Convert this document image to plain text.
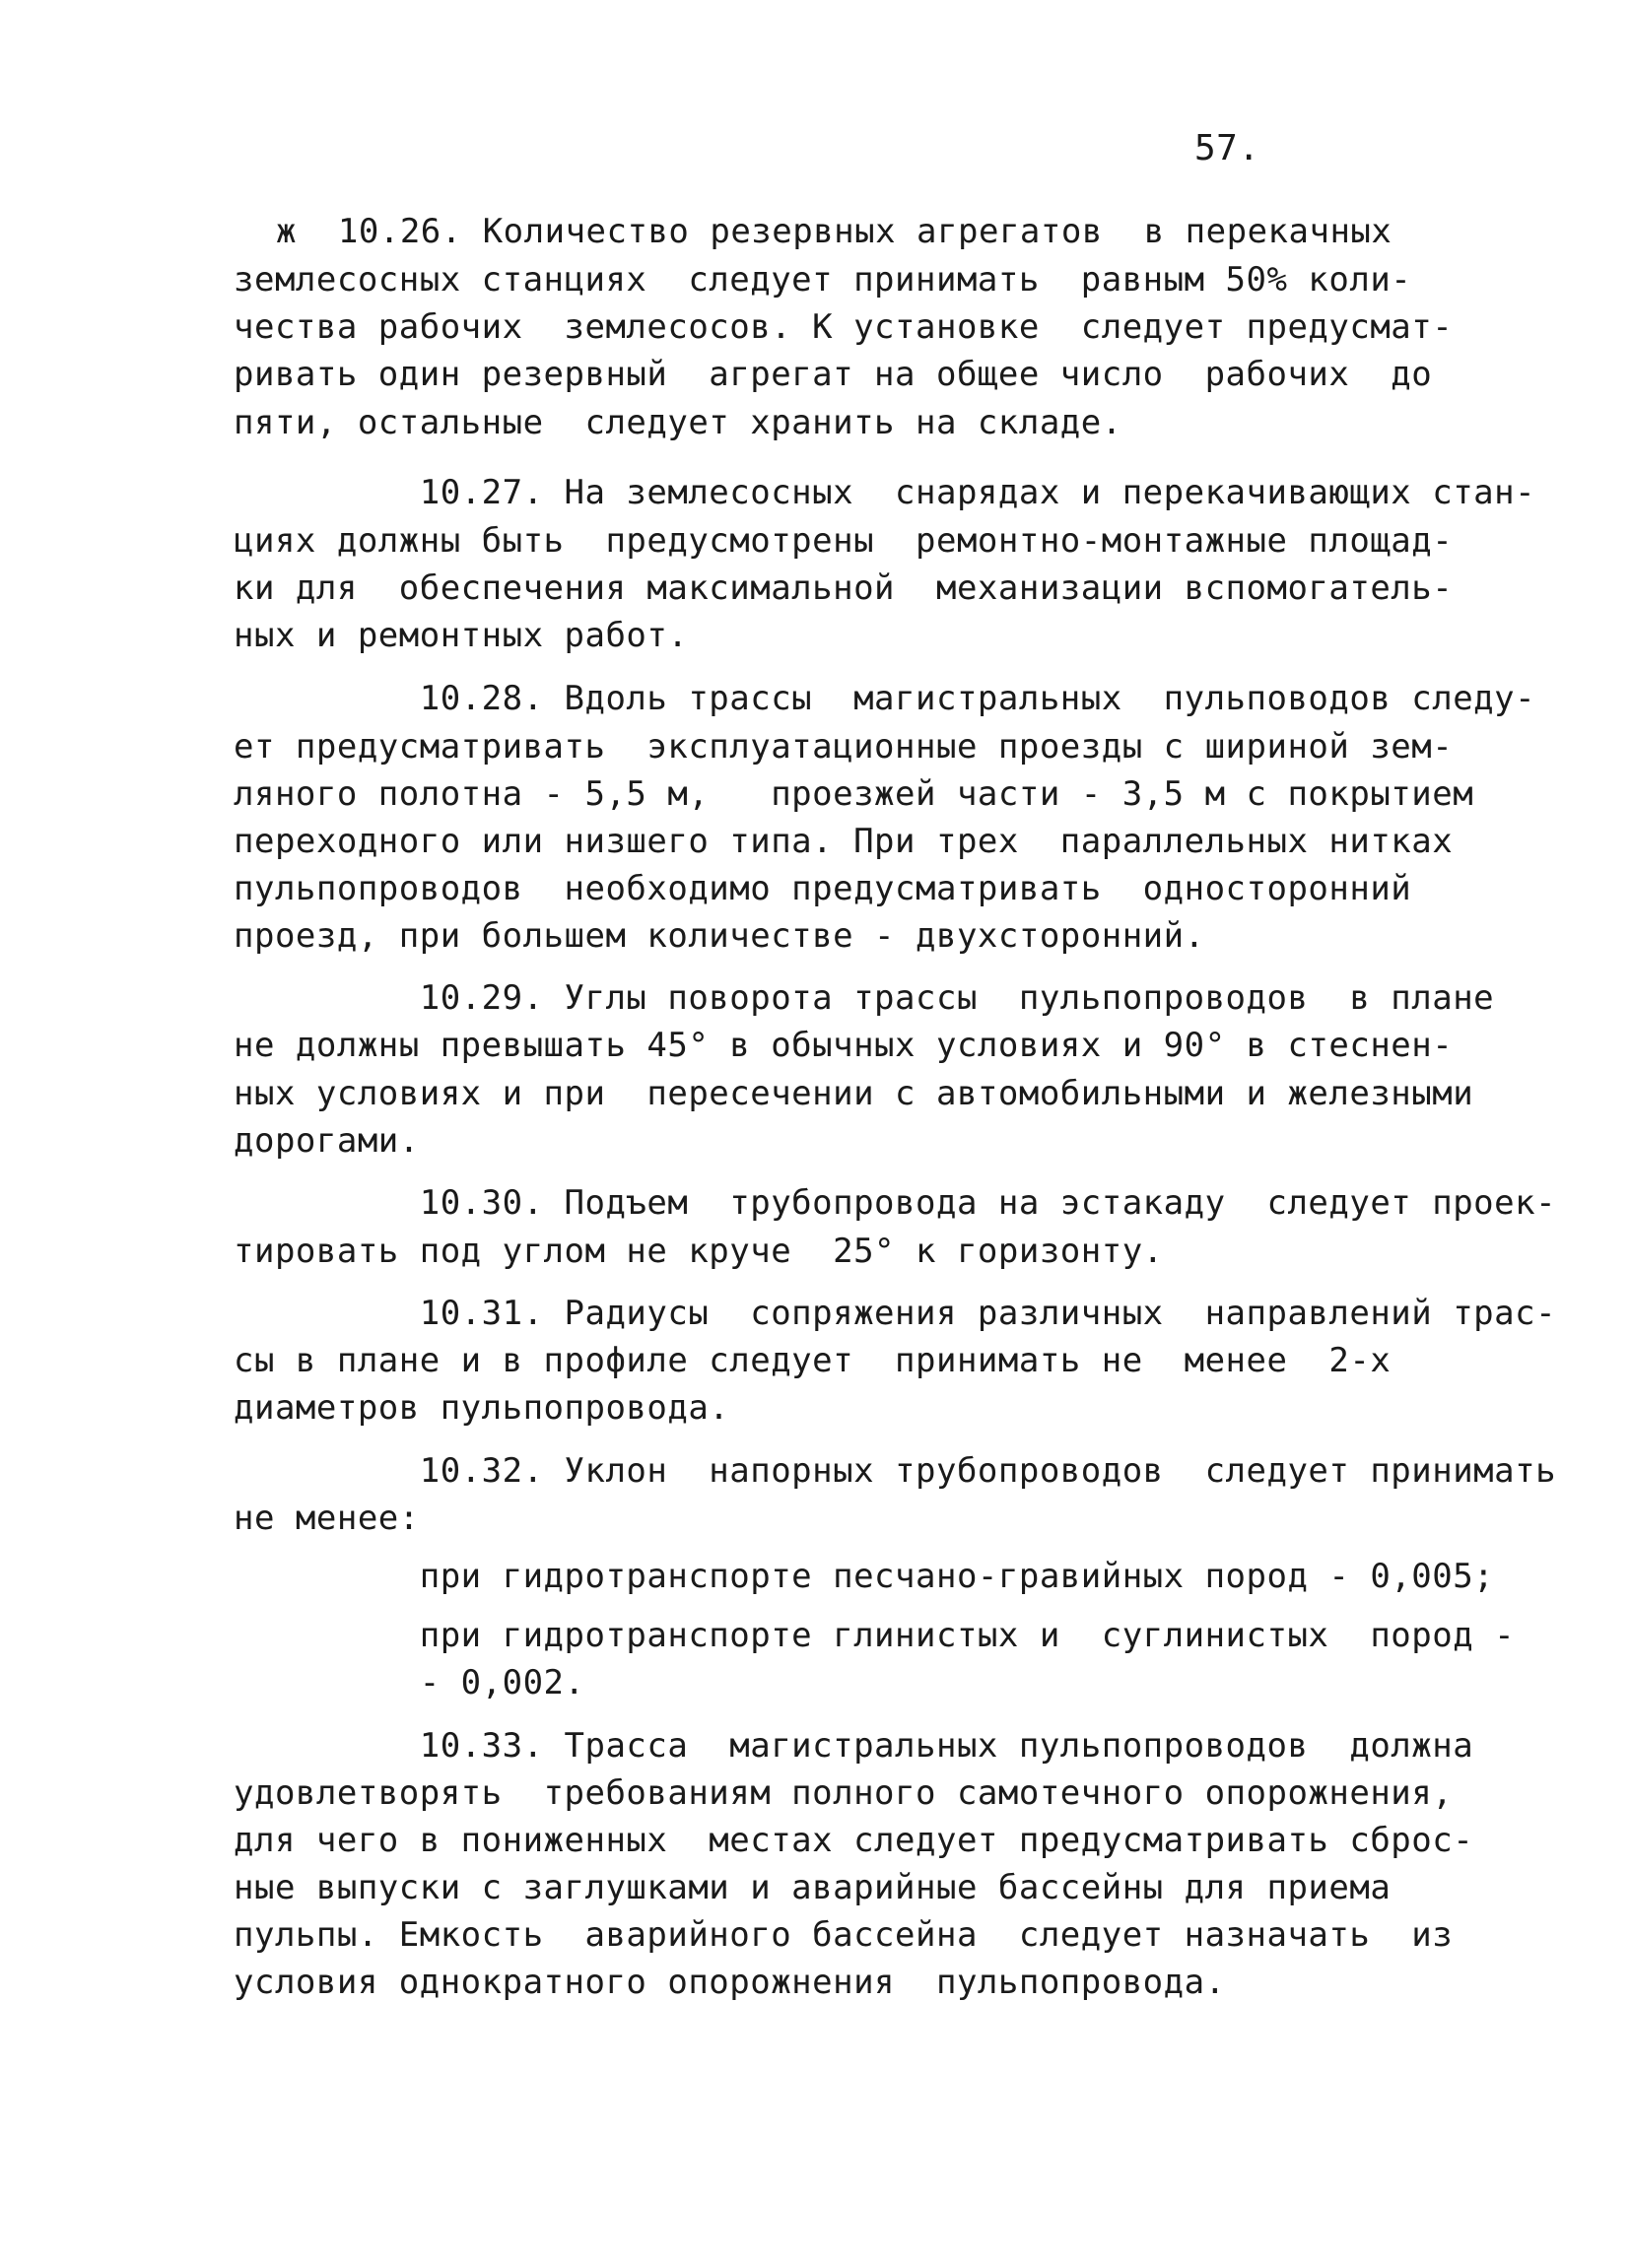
57.
ж  10.26. Количество резервных агрегатов  в перекачных
землесосных станциях  следует принимать  равным 50% коли-
чества рабочих  землесосов. К установке  следует предусмат-
ривать один резервный  агрегат на общее число  рабочих  до
пяти, остальные  следует хранить на складе.
10.27. На землесосных  снарядах и перекачивающих стан-
циях должны быть  предусмотрены  ремонтно-монтажные площад-
ки для  обеспечения максимальной  механизации вспомогатель-
ных и ремонтных работ.
10.28. Вдоль трассы  магистральных  пульповодов следу-
ет предусматривать  эксплуатационные проезды с шириной зем-
ляного полотна - 5,5 м,   проезжей части - 3,5 м с покрытием
переходного или низшего типа. При трех  параллельных нитках
пульпопроводов  необходимо предусматривать  односторонний
проезд, при большем количестве - двухсторонний.
10.29. Углы поворота трассы  пульпопроводов  в плане
не должны превышать 45° в обычных условиях и 90° в стеснен-
ных условиях и при  пересечении с автомобильными и железными
дорогами.
10.30. Подъем  трубопровода на эстакаду  следует проек-
тировать под углом не круче  25° к горизонту.
10.31. Радиусы  сопряжения различных  направлений трас-
сы в плане и в профиле следует  принимать не  менее  2-х
диаметров пульпопровода.
10.32. Уклон  напорных трубопроводов  следует принимать
не менее:
при гидротранспорте песчано-гравийных пород - 0,005;
при гидротранспорте глинистых и  суглинистых  пород -
- 0,002.
10.33. Трасса  магистральных пульпопроводов  должна
удовлетворять  требованиям полного самотечного опорожнения,
для чего в пониженных  местах следует предусматривать сброс-
ные выпуски с заглушками и аварийные бассейны для приема
пульпы. Емкость  аварийного бассейна  следует назначать  из
условия однократного опорожнения  пульпопровода.
